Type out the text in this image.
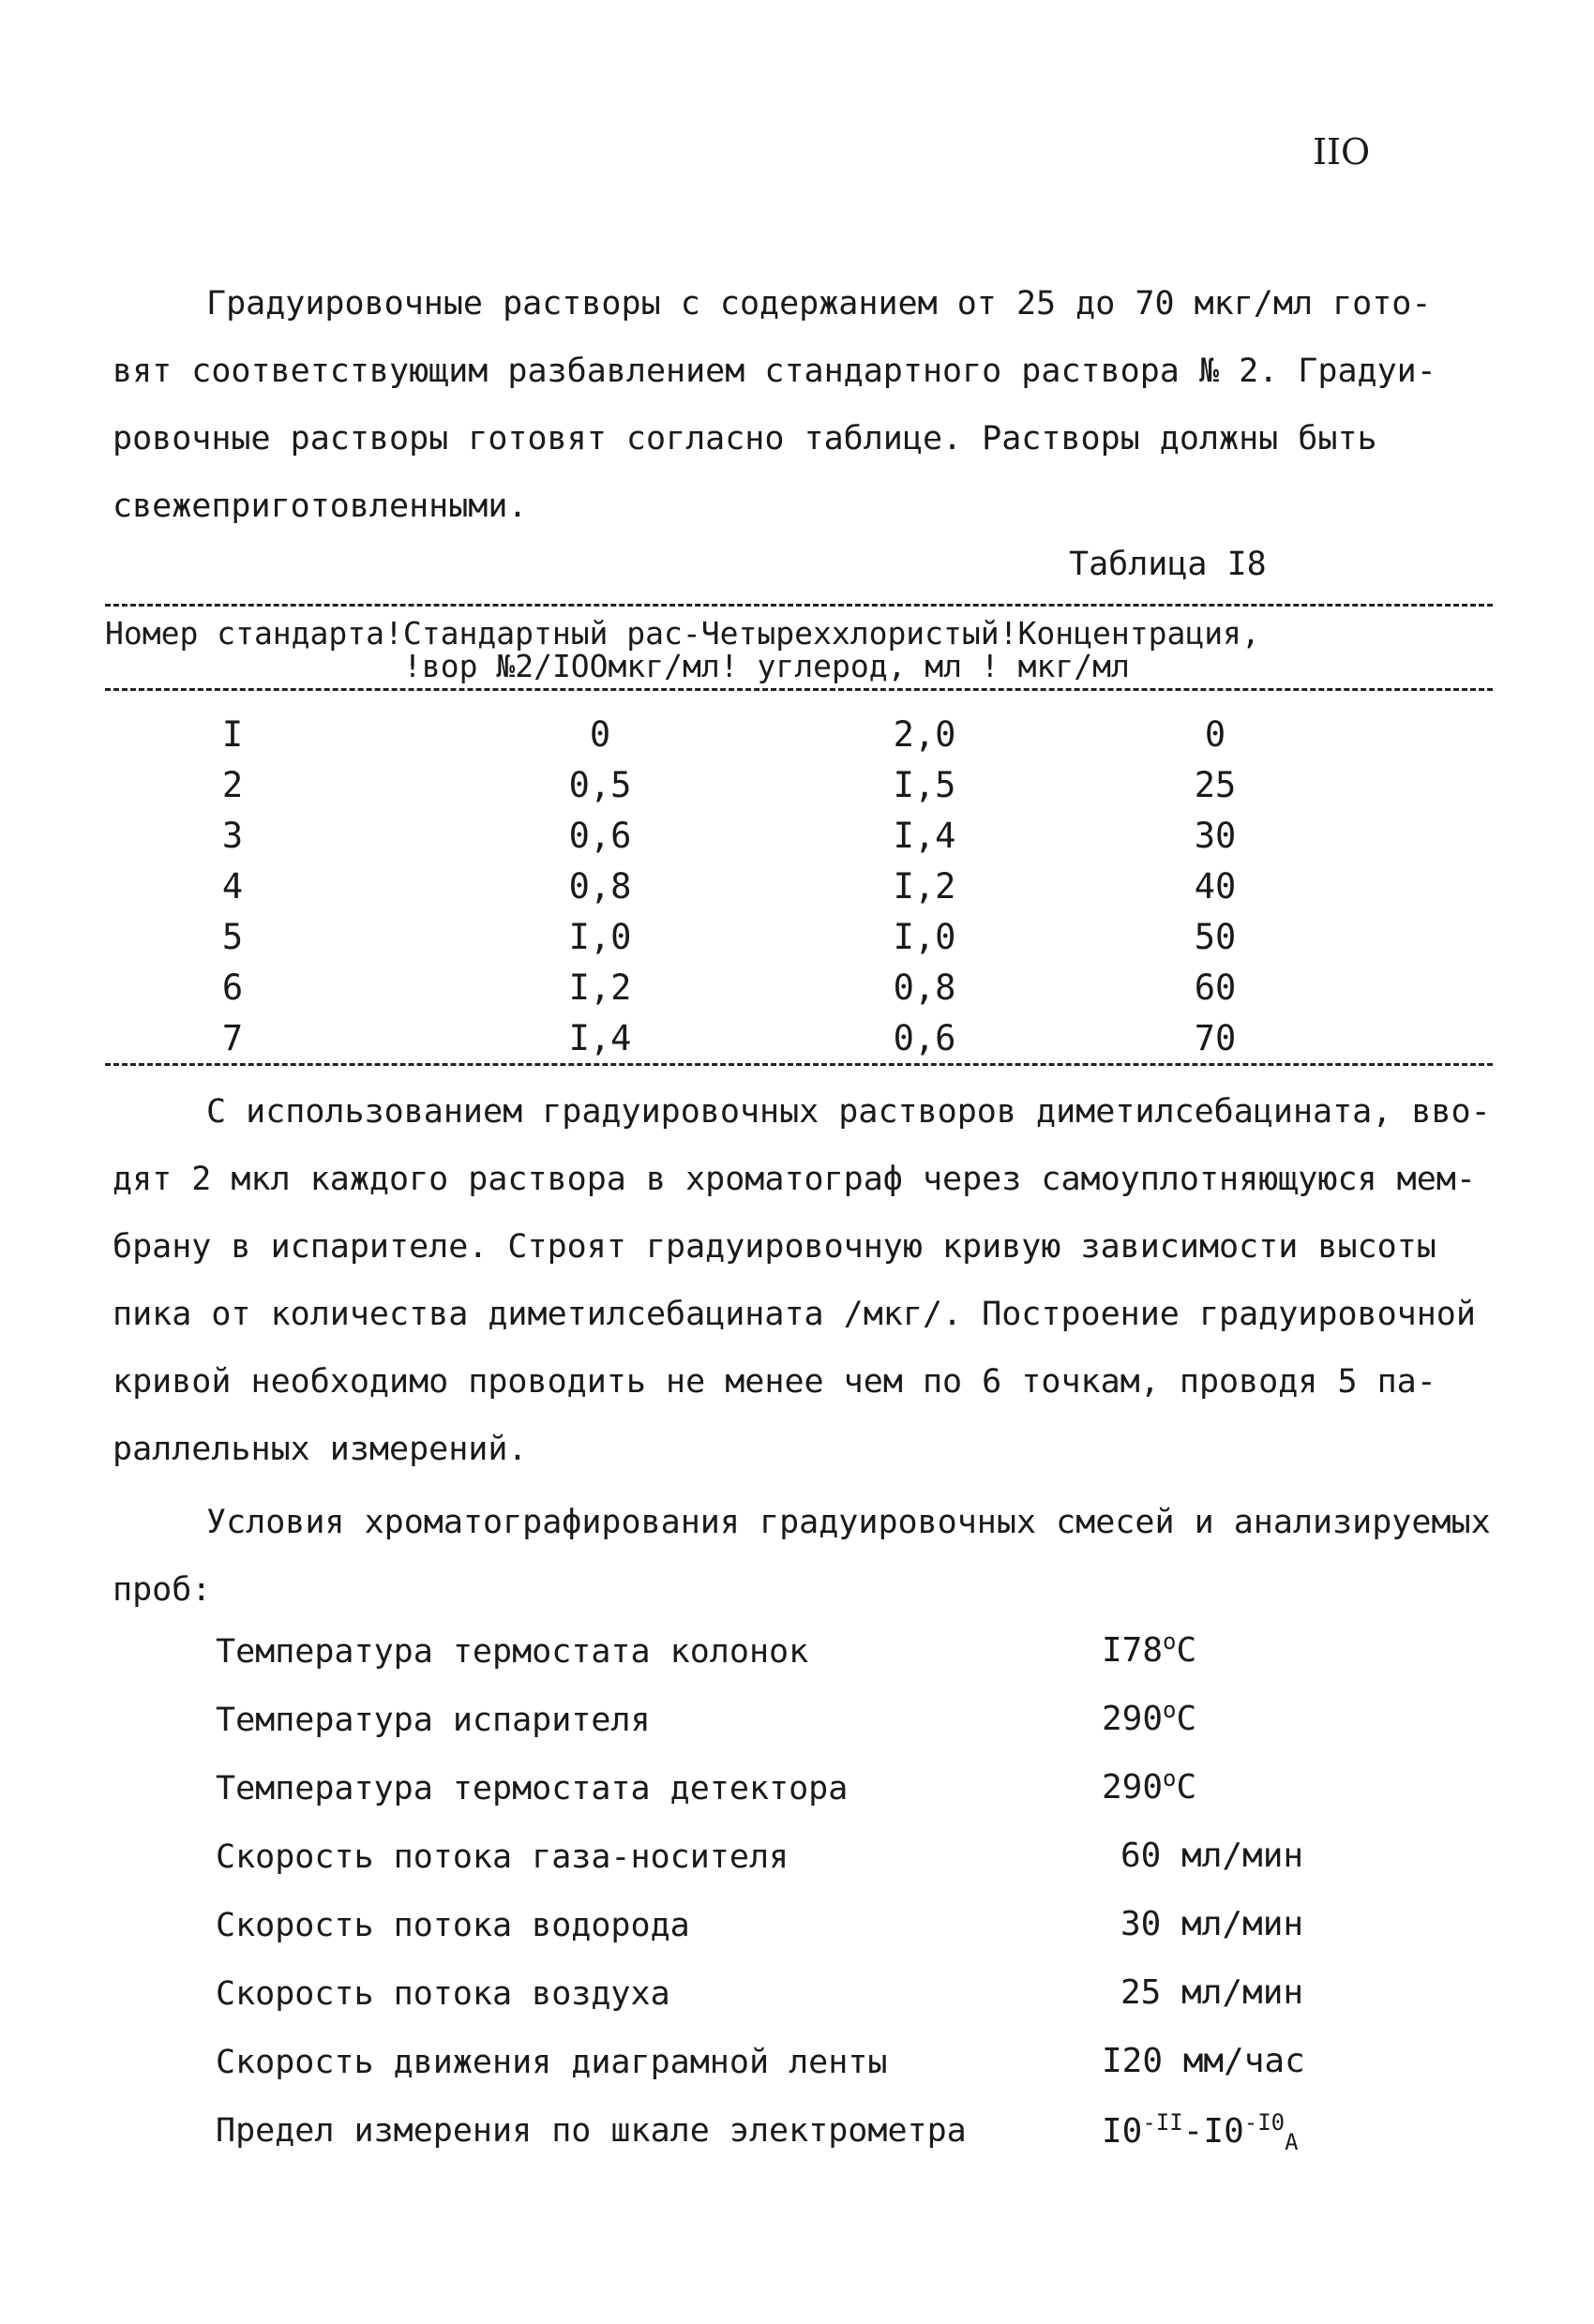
IIO

Градуировочные растворы с содержанием от 25 до 70 мкг/мл гото-
вят соответствующим разбавлением стандартного раствора № 2. Градуи-
ровочные растворы готовят согласно таблице. Растворы должны быть
свежеприготовленными.

Таблица I8
Номер стандарта!Стандартный рас-Четыреххлористый!Концентрация,
!вор №2/IOOмкг/мл! углерод, мл ! мкг/мл
I	0	2,0	0
2	0,5	I,5	25
3	0,6	I,4	30
4	0,8	I,2	40
5	I,0	I,0	50
6	I,2	0,8	60
7	I,4	0,6	70

С использованием градуировочных растворов диметилсебацината, вво-
дят 2 мкл каждого раствора в хроматограф через самоуплотняющуюся мем-
брану в испарителе. Строят градуировочную кривую зависимости высоты
пика от количества диметилсебацината /мкг/. Построение градуировочной
кривой необходимо проводить не менее чем по 6 точкам, проводя 5 па-
раллельных измерений.

Условия хроматографирования градуировочных смесей и анализируемых
проб:

Температура термостата колонок	I78$^o$C
Температура испарителя	290$^o$C
Температура термостата детектора	290$^o$C
Скорость потока газа-носителя	60 мл/мин
Скорость потока водорода	30 мл/мин
Скорость потока воздуха	25 мл/мин
Скорость движения диаграмной ленты	I20 мм/час
Предел измерения по шкале электрометра	$I0^{-II}-I0^{-I0}_A$
